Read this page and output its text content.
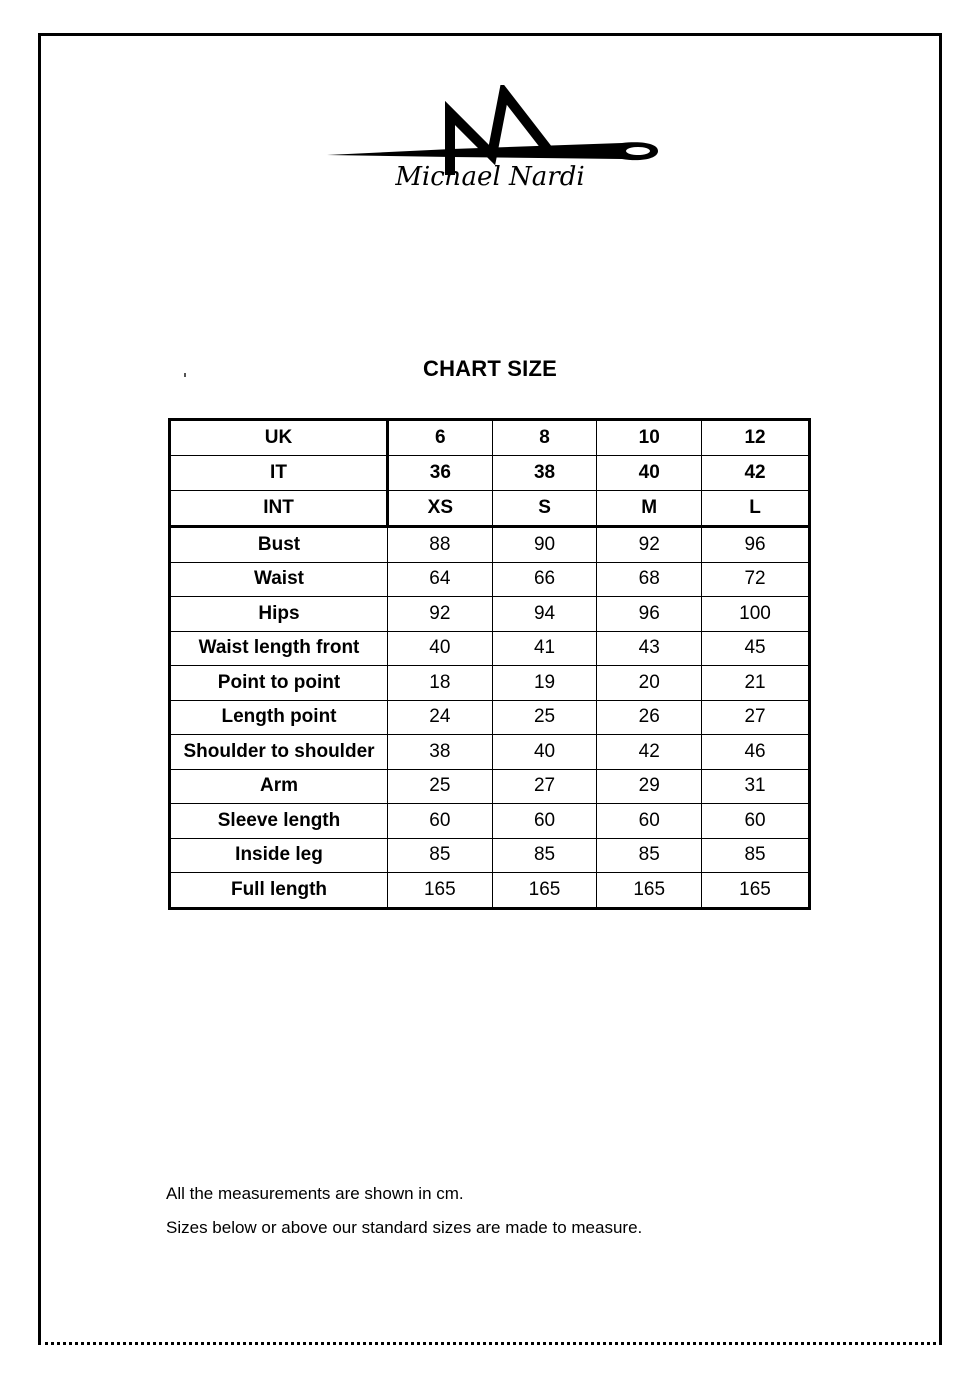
Michael Nardi
CHART SIZE
UK	6	8	10	12
IT	36	38	40	42
INT	XS	S	M	L
Bust	88	90	92	96
Waist	64	66	68	72
Hips	92	94	96	100
Waist length front	40	41	43	45
Point to point	18	19	20	21
Length point	24	25	26	27
Shoulder to shoulder	38	40	42	46
Arm	25	27	29	31
Sleeve length	60	60	60	60
Inside leg	85	85	85	85
Full length	165	165	165	165
All the measurements are shown in cm.
Sizes below or above our standard sizes are made to measure.
